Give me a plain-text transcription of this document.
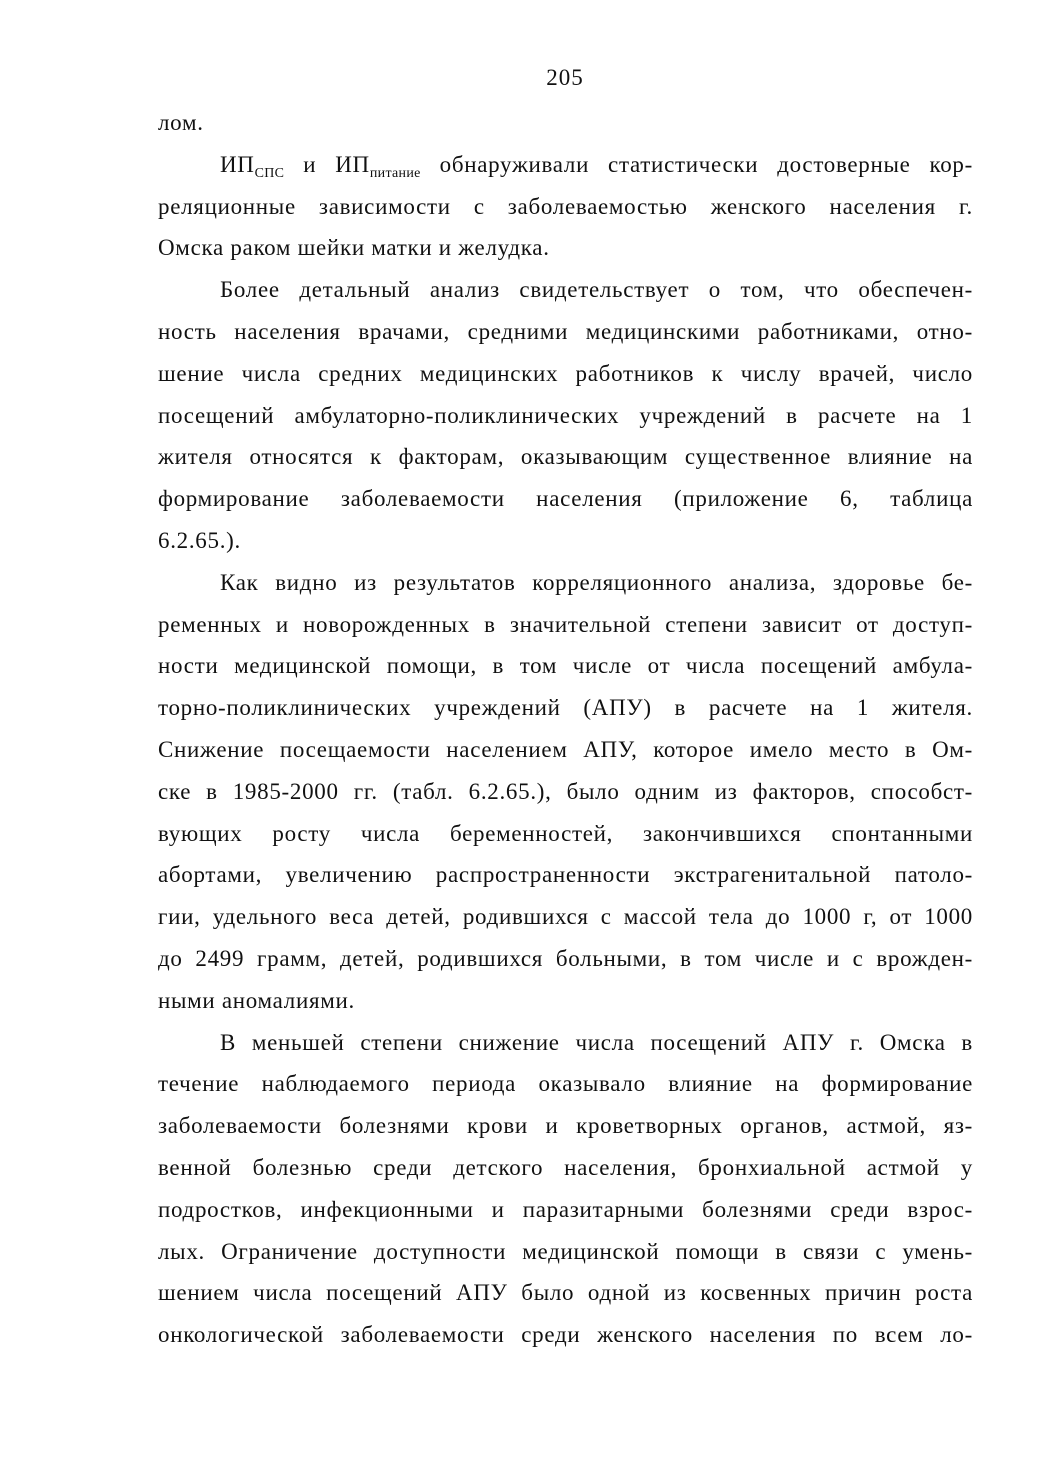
205

лом.

$ИП_{СПС}$ и $ИП_{питание}$ обнаруживали статистически достоверные кор-
реляционные зависимости с заболеваемостью женского населения г.
Омска раком шейки матки и желудка.

Более детальный анализ свидетельствует о том, что обеспечен-
ность населения врачами, средними медицинскими работниками, отно-
шение числа средних медицинских работников к числу врачей, число
посещений амбулаторно-поликлинических учреждений в расчете на 1
жителя относятся к факторам, оказывающим существенное влияние на
формирование заболеваемости населения (приложение 6, таблица
6.2.65.).

Как видно из результатов корреляционного анализа, здоровье бе-
ременных и новорожденных в значительной степени зависит от доступ-
ности медицинской помощи, в том числе от числа посещений амбула-
торно-поликлинических учреждений (АПУ) в расчете на 1 жителя.
Снижение посещаемости населением АПУ, которое имело место в Ом-
ске в 1985-2000 гг. (табл. 6.2.65.), было одним из факторов, способст-
вующих росту числа беременностей, закончившихся спонтанными
абортами, увеличению распространенности экстрагенитальной патоло-
гии, удельного веса детей, родившихся с массой тела до 1000 г, от 1000
до 2499 грамм, детей, родившихся больными, в том числе и с врожден-
ными аномалиями.

В меньшей степени снижение числа посещений АПУ г. Омска в
течение наблюдаемого периода оказывало влияние на формирование
заболеваемости болезнями крови и кроветворных органов, астмой, яз-
венной болезнью среди детского населения, бронхиальной астмой у
подростков, инфекционными и паразитарными болезнями среди взрос-
лых. Ограничение доступности медицинской помощи в связи с умень-
шением числа посещений АПУ было одной из косвенных причин роста
онкологической заболеваемости среди женского населения по всем ло-
